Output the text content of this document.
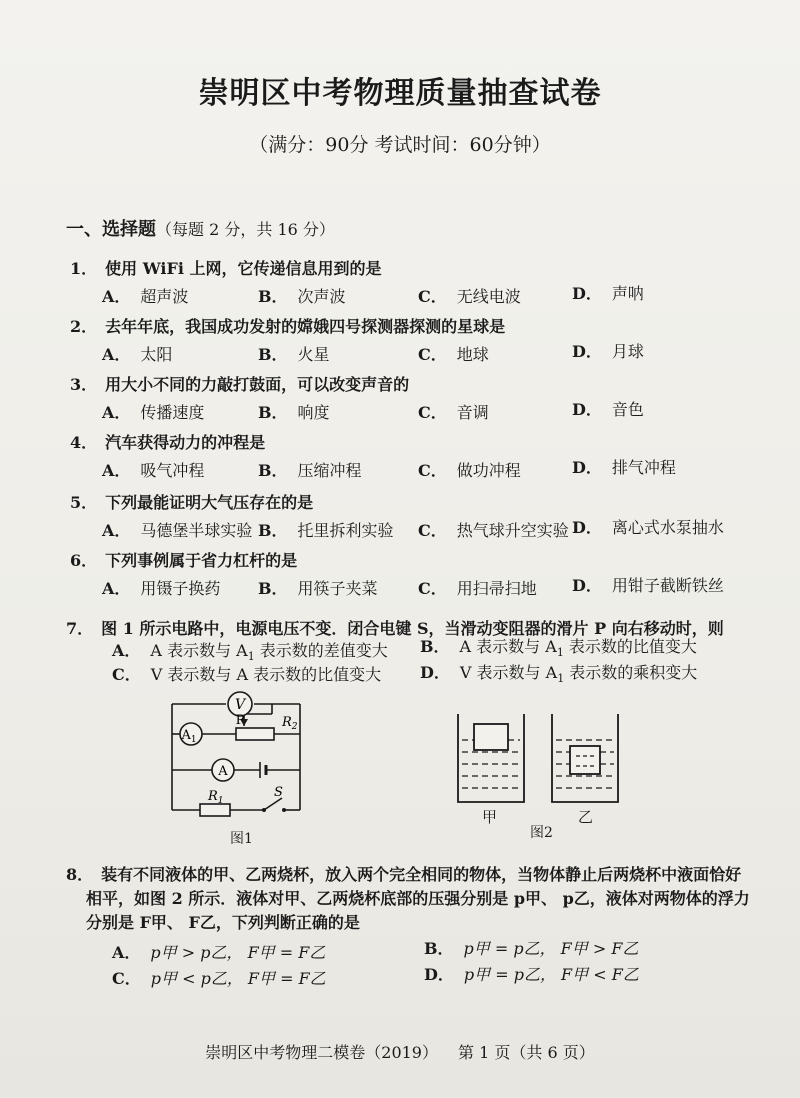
崇明区中考物理质量抽查试卷
（满分：90分 考试时间：60分钟）
一、选择题（每题 2 分，共 16 分）
1． 使用 WiFi 上网，它传递信息用到的是
A． 超声波	B． 次声波	C． 无线电波	D． 声呐
2． 去年年底，我国成功发射的嫦娥四号探测器探测的星球是
A． 太阳	B． 火星	C． 地球	D． 月球
3． 用大小不同的力敲打鼓面，可以改变声音的
A． 传播速度	B． 响度	C． 音调	D． 音色
4． 汽车获得动力的冲程是
A． 吸气冲程	B． 压缩冲程	C． 做功冲程	D． 排气冲程
5． 下列最能证明大气压存在的是
A． 马德堡半球实验 B． 托里拆利实验 C． 热气球升空实验 D． 离心式水泵抽水
6． 下列事例属于省力杠杆的是
A． 用镊子换药 B． 用筷子夹菜	C． 用扫帚扫地 D． 用钳子截断铁丝
7． 图 1 所示电路中，电源电压不变．闭合电键 S，当滑动变阻器的滑片 P 向右移动时，则
A． A 表示数与 $A_1$ 表示数的差值变大 B． A 表示数与 $A_1$ 表示数的比值变大
C． V 表示数与 A 表示数的比值变大 D． V 表示数与 $A_1$ 表示数的乘积变大
V
$A_1$
A
P	$R_2$
$R_1$
S
图1
甲	乙
图2
8． 装有不同液体的甲、乙两烧杯，放入两个完全相同的物体，当物体静止后两烧杯中液面恰好
相平，如图 2 所示．液体对甲、乙两烧杯底部的压强分别是 p甲、 p乙，液体对两物体的浮力
分别是 F甲、 F乙，下列判断正确的是
A． p甲 > p乙， F甲 = F乙	B． p甲 = p乙， F甲 > F乙
C． p甲 < p乙， F甲 = F乙	D． p甲 = p乙， F甲 < F乙
崇明区中考物理二模卷（2019） 第 1 页（共 6 页）
